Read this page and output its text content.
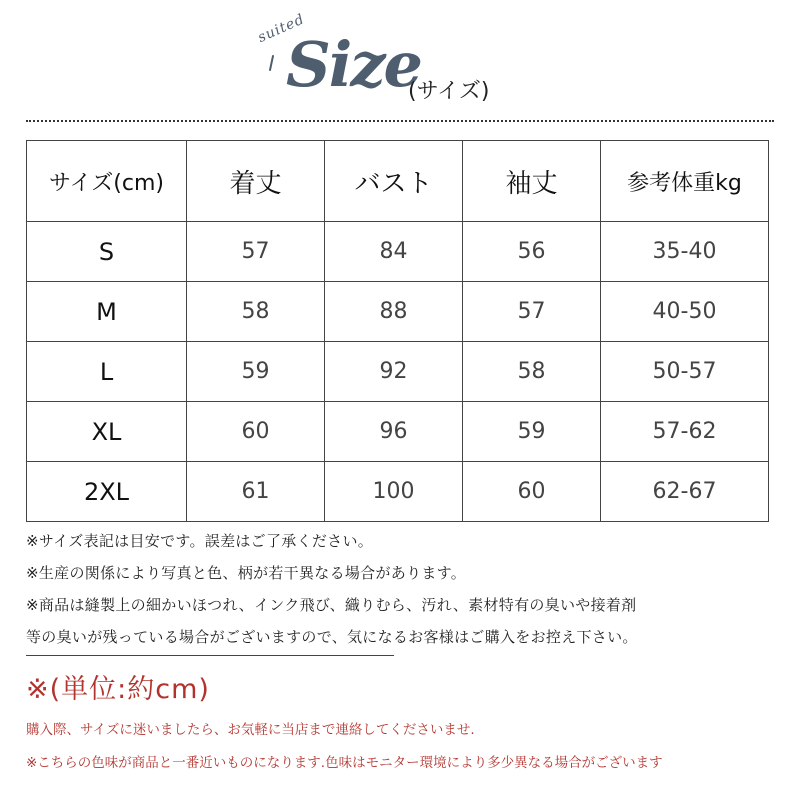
suited
Size
(サイズ)
サイズ(cm)	着丈	バスト	袖丈	参考体重kg
S	57	84	56	35-40
M	58	88	57	40-50
L	59	92	58	50-57
XL	60	96	59	57-62
2XL	61	100	60	62-67
※サイズ表記は目安です。誤差はご了承ください。
※生産の関係により写真と色、柄が若干異なる場合があります。
※商品は縫製上の細かいほつれ、インク飛び、織りむら、汚れ、素材特有の臭いや接着剤
等の臭いが残っている場合がございますので、気になるお客様はご購入をお控え下さい。
※(単位:約cm)
購入際、サイズに迷いましたら、お気軽に当店まで連絡してくださいませ.
※こちらの色味が商品と一番近いものになります.色味はモニター環境により多少異なる場合がございます
